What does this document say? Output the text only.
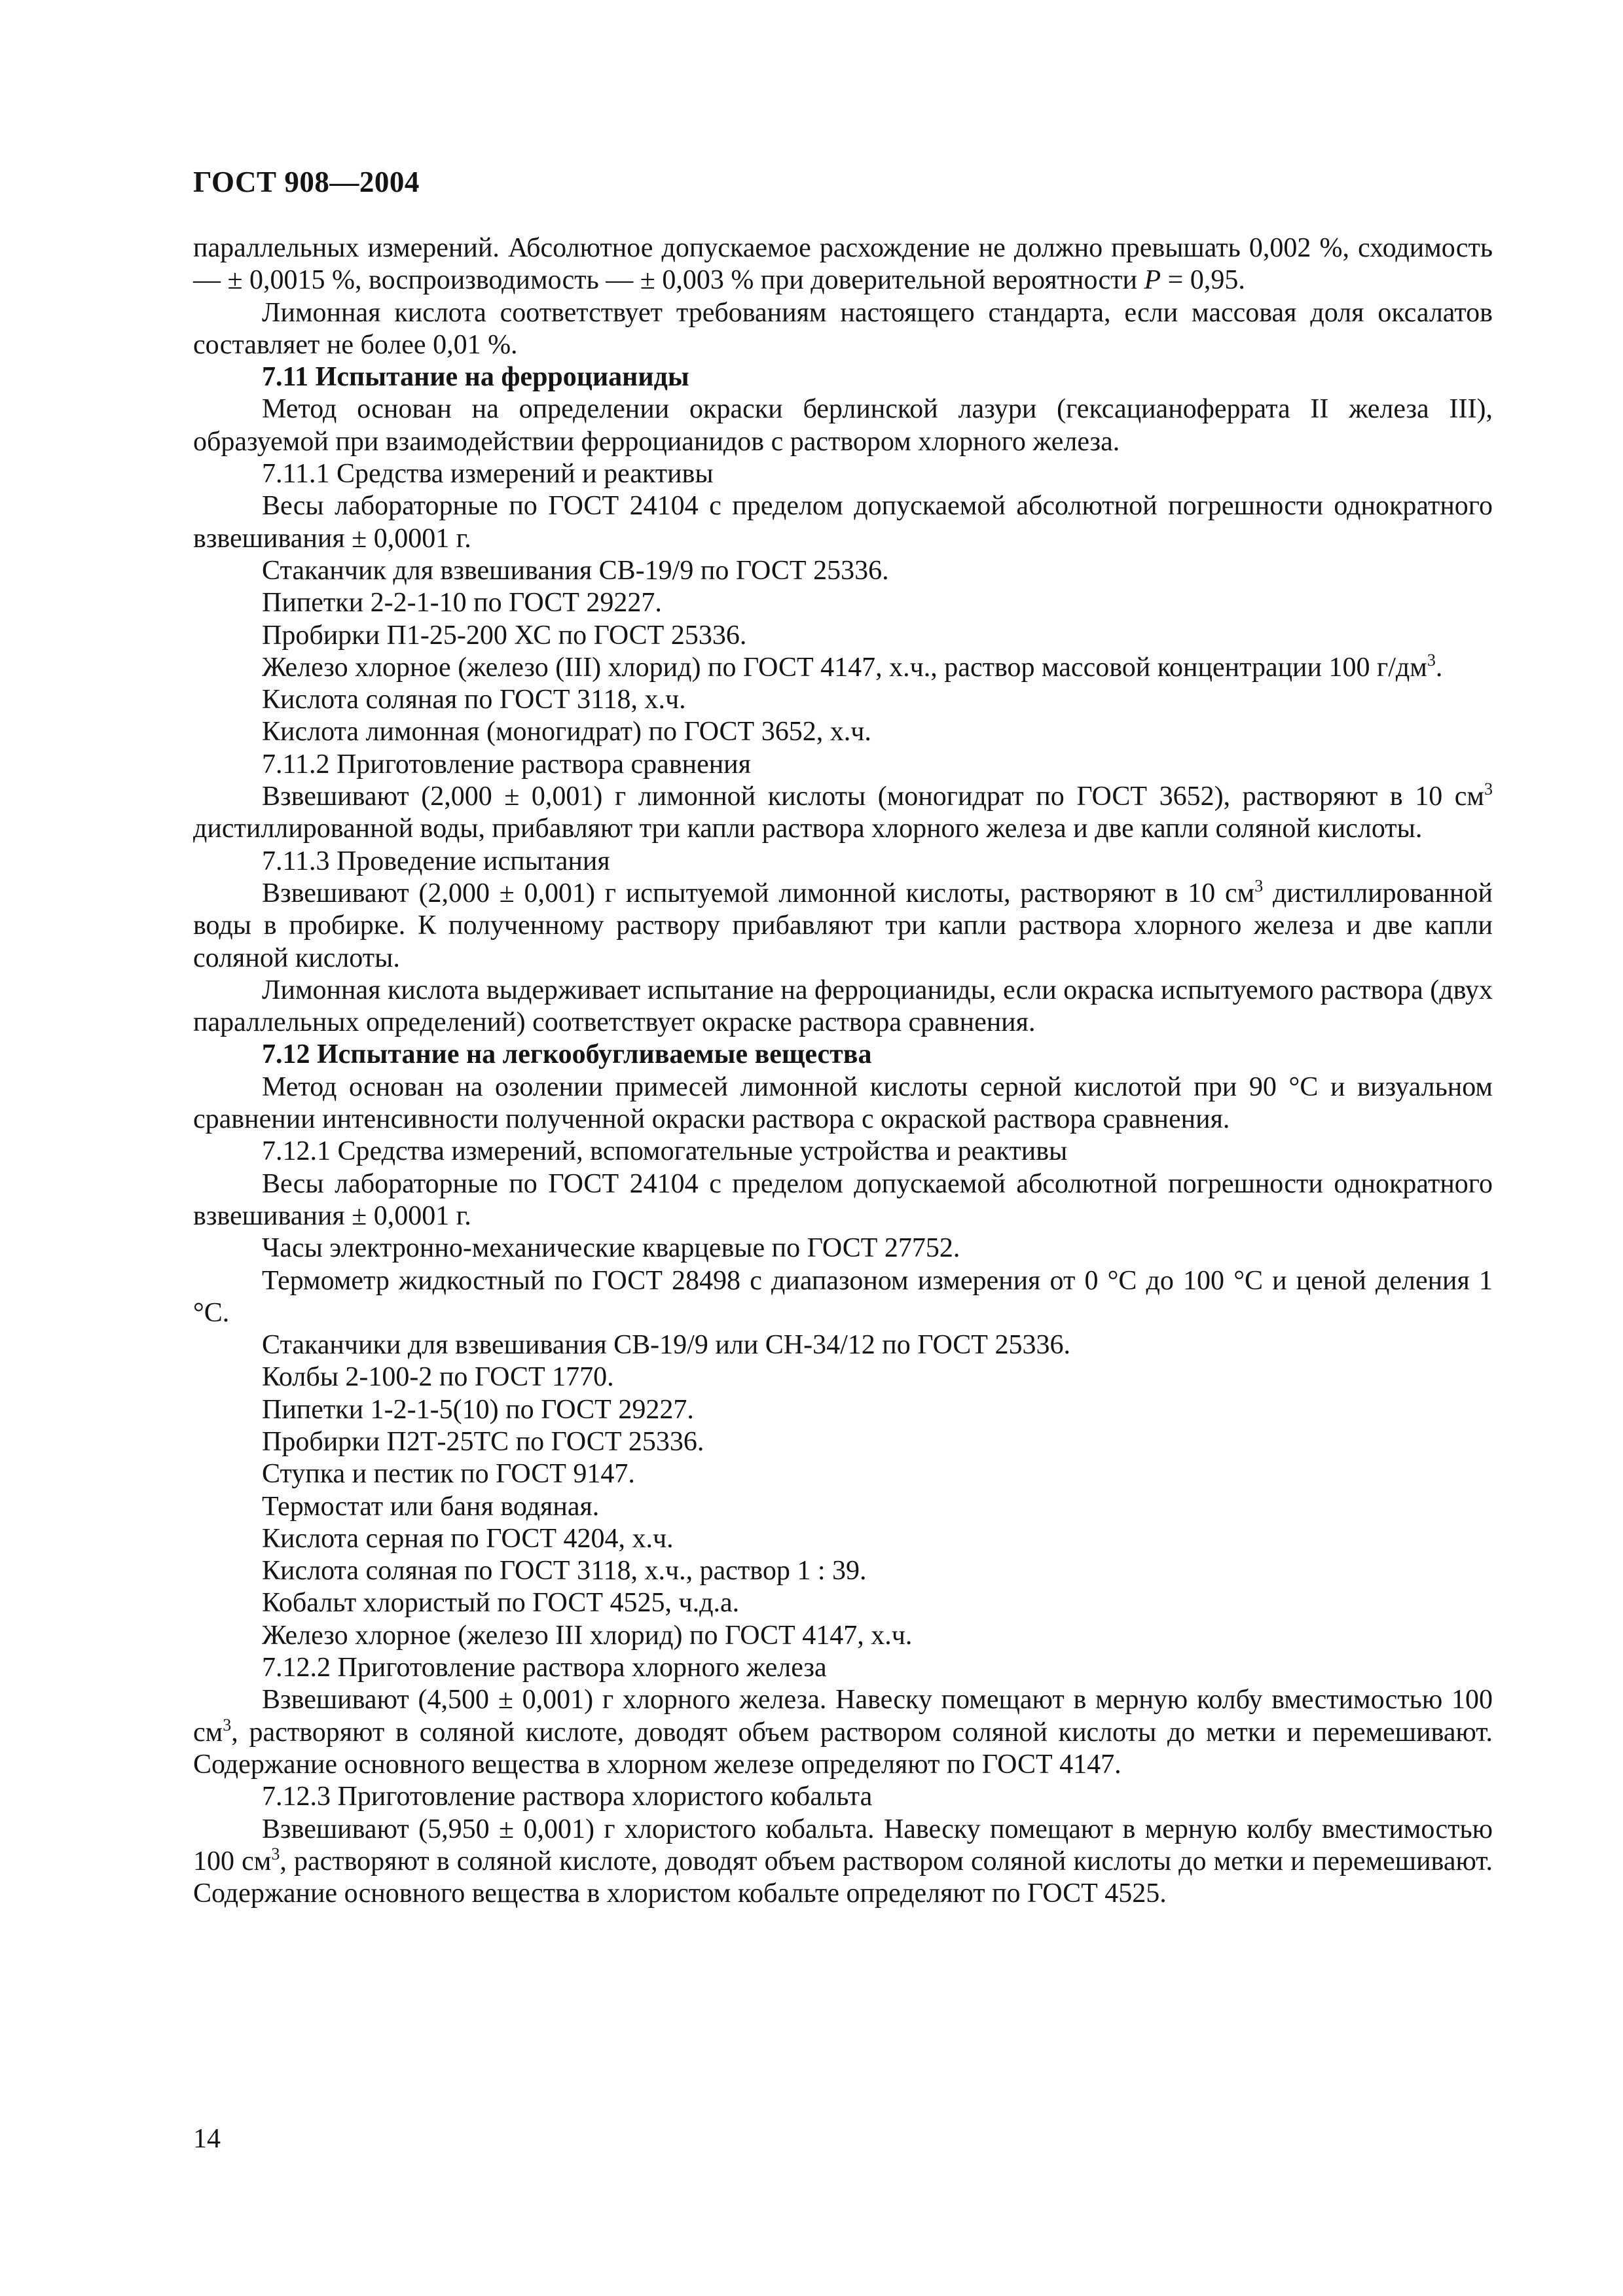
ГОСТ 908—2004

параллельных измерений. Абсолютное допускаемое расхождение не должно превышать 0,002 %, сходимость — ± 0,0015 %, воспроизводимость — ± 0,003 % при доверительной вероятности P = 0,95.

Лимонная кислота соответствует требованиям настоящего стандарта, если массовая доля оксалатов составляет не более 0,01 %.

7.11 Испытание на ферроцианиды

Метод основан на определении окраски берлинской лазури (гексацианоферрата II железа III), образуемой при взаимодействии ферроцианидов с раствором хлорного железа.

7.11.1 Средства измерений и реактивы

Весы лабораторные по ГОСТ 24104 с пределом допускаемой абсолютной погрешности однократного взвешивания ± 0,0001 г.

Стаканчик для взвешивания СВ-19/9 по ГОСТ 25336.

Пипетки 2-2-1-10 по ГОСТ 29227.

Пробирки П1-25-200 ХС по ГОСТ 25336.

Железо хлорное (железо (III) хлорид) по ГОСТ 4147, х.ч., раствор массовой концентрации 100 $г/дм^3$.

Кислота соляная по ГОСТ 3118, х.ч.

Кислота лимонная (моногидрат) по ГОСТ 3652, х.ч.

7.11.2 Приготовление раствора сравнения

Взвешивают (2,000 ± 0,001) г лимонной кислоты (моногидрат по ГОСТ 3652), растворяют в 10 $см^3$ дистиллированной воды, прибавляют три капли раствора хлорного железа и две капли соляной кислоты.

7.11.3 Проведение испытания

Взвешивают (2,000 ± 0,001) г испытуемой лимонной кислоты, растворяют в 10 $см^3$ дистиллированной воды в пробирке. К полученному раствору прибавляют три капли раствора хлорного железа и две капли соляной кислоты.

Лимонная кислота выдерживает испытание на ферроцианиды, если окраска испытуемого раствора (двух параллельных определений) соответствует окраске раствора сравнения.

7.12 Испытание на легкообугливаемые вещества

Метод основан на озолении примесей лимонной кислоты серной кислотой при 90 °С и визуальном сравнении интенсивности полученной окраски раствора с окраской раствора сравнения.

7.12.1 Средства измерений, вспомогательные устройства и реактивы

Весы лабораторные по ГОСТ 24104 с пределом допускаемой абсолютной погрешности однократного взвешивания ± 0,0001 г.

Часы электронно-механические кварцевые по ГОСТ 27752.

Термометр жидкостный по ГОСТ 28498 с диапазоном измерения от 0 °С до 100 °С и ценой деления 1 °С.

Стаканчики для взвешивания СВ-19/9 или СН-34/12 по ГОСТ 25336.

Колбы 2-100-2 по ГОСТ 1770.

Пипетки 1-2-1-5(10) по ГОСТ 29227.

Пробирки П2Т-25ТС по ГОСТ 25336.

Ступка и пестик по ГОСТ 9147.

Термостат или баня водяная.

Кислота серная по ГОСТ 4204, х.ч.

Кислота соляная по ГОСТ 3118, х.ч., раствор 1 : 39.

Кобальт хлористый по ГОСТ 4525, ч.д.а.

Железо хлорное (железо III хлорид) по ГОСТ 4147, х.ч.

7.12.2 Приготовление раствора хлорного железа

Взвешивают (4,500 ± 0,001) г хлорного железа. Навеску помещают в мерную колбу вместимостью 100 $см^3$, растворяют в соляной кислоте, доводят объем раствором соляной кислоты до метки и перемешивают. Содержание основного вещества в хлорном железе определяют по ГОСТ 4147.

7.12.3 Приготовление раствора хлористого кобальта

Взвешивают (5,950 ± 0,001) г хлористого кобальта. Навеску помещают в мерную колбу вместимостью 100 $см^3$, растворяют в соляной кислоте, доводят объем раствором соляной кислоты до метки и перемешивают. Содержание основного вещества в хлористом кобальте определяют по ГОСТ 4525.

14
